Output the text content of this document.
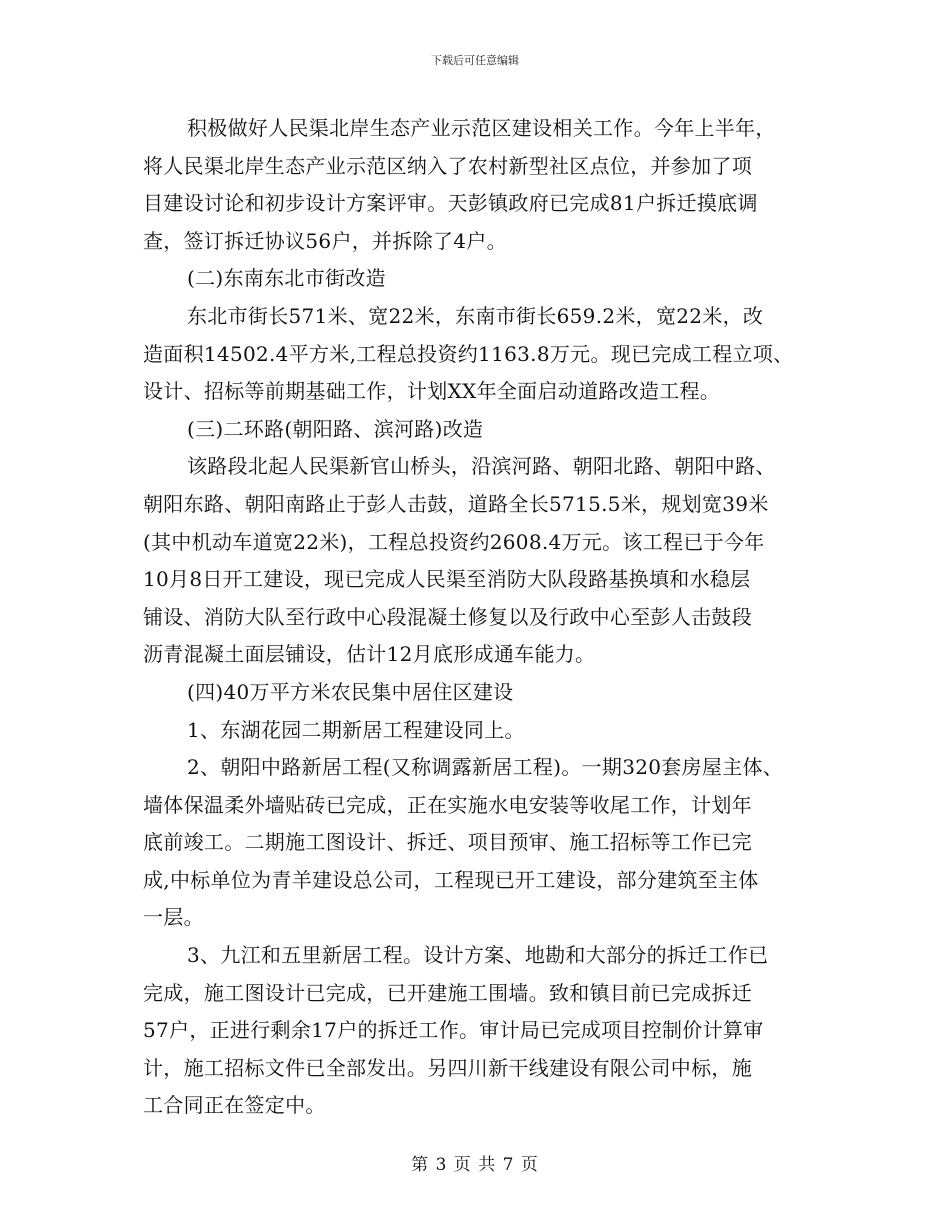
下载后可任意编辑
积极做好人民渠北岸生态产业示范区建设相关工作。今年上半年，
将人民渠北岸生态产业示范区纳入了农村新型社区点位，并参加了项
目建设讨论和初步设计方案评审。天彭镇政府已完成81户拆迁摸底调
查，签订拆迁协议56户，并拆除了4户。
(二)东南东北市街改造
东北市街长571米、宽22米，东南市街长659.2米，宽22米，改
造面积14502.4平方米,工程总投资约1163.8万元。现已完成工程立项、
设计、招标等前期基础工作，计划XX年全面启动道路改造工程。
(三)二环路(朝阳路、滨河路)改造
该路段北起人民渠新官山桥头，沿滨河路、朝阳北路、朝阳中路、
朝阳东路、朝阳南路止于彭人击鼓，道路全长5715.5米，规划宽39米
(其中机动车道宽22米)，工程总投资约2608.4万元。该工程已于今年
10月8日开工建设，现已完成人民渠至消防大队段路基换填和水稳层
铺设、消防大队至行政中心段混凝土修复以及行政中心至彭人击鼓段
沥青混凝土面层铺设，估计12月底形成通车能力。
(四)40万平方米农民集中居住区建设
1、东湖花园二期新居工程建设同上。
2、朝阳中路新居工程(又称调露新居工程)。一期320套房屋主体、
墙体保温柔外墙贴砖已完成，正在实施水电安装等收尾工作，计划年
底前竣工。二期施工图设计、拆迁、项目预审、施工招标等工作已完
成,中标单位为青羊建设总公司，工程现已开工建设，部分建筑至主体
一层。
3、九江和五里新居工程。设计方案、地勘和大部分的拆迁工作已
完成，施工图设计已完成，已开建施工围墙。致和镇目前已完成拆迁
57户，正进行剩余17户的拆迁工作。审计局已完成项目控制价计算审
计，施工招标文件已全部发出。另四川新干线建设有限公司中标，施
工合同正在签定中。
第 3 页 共 7 页
